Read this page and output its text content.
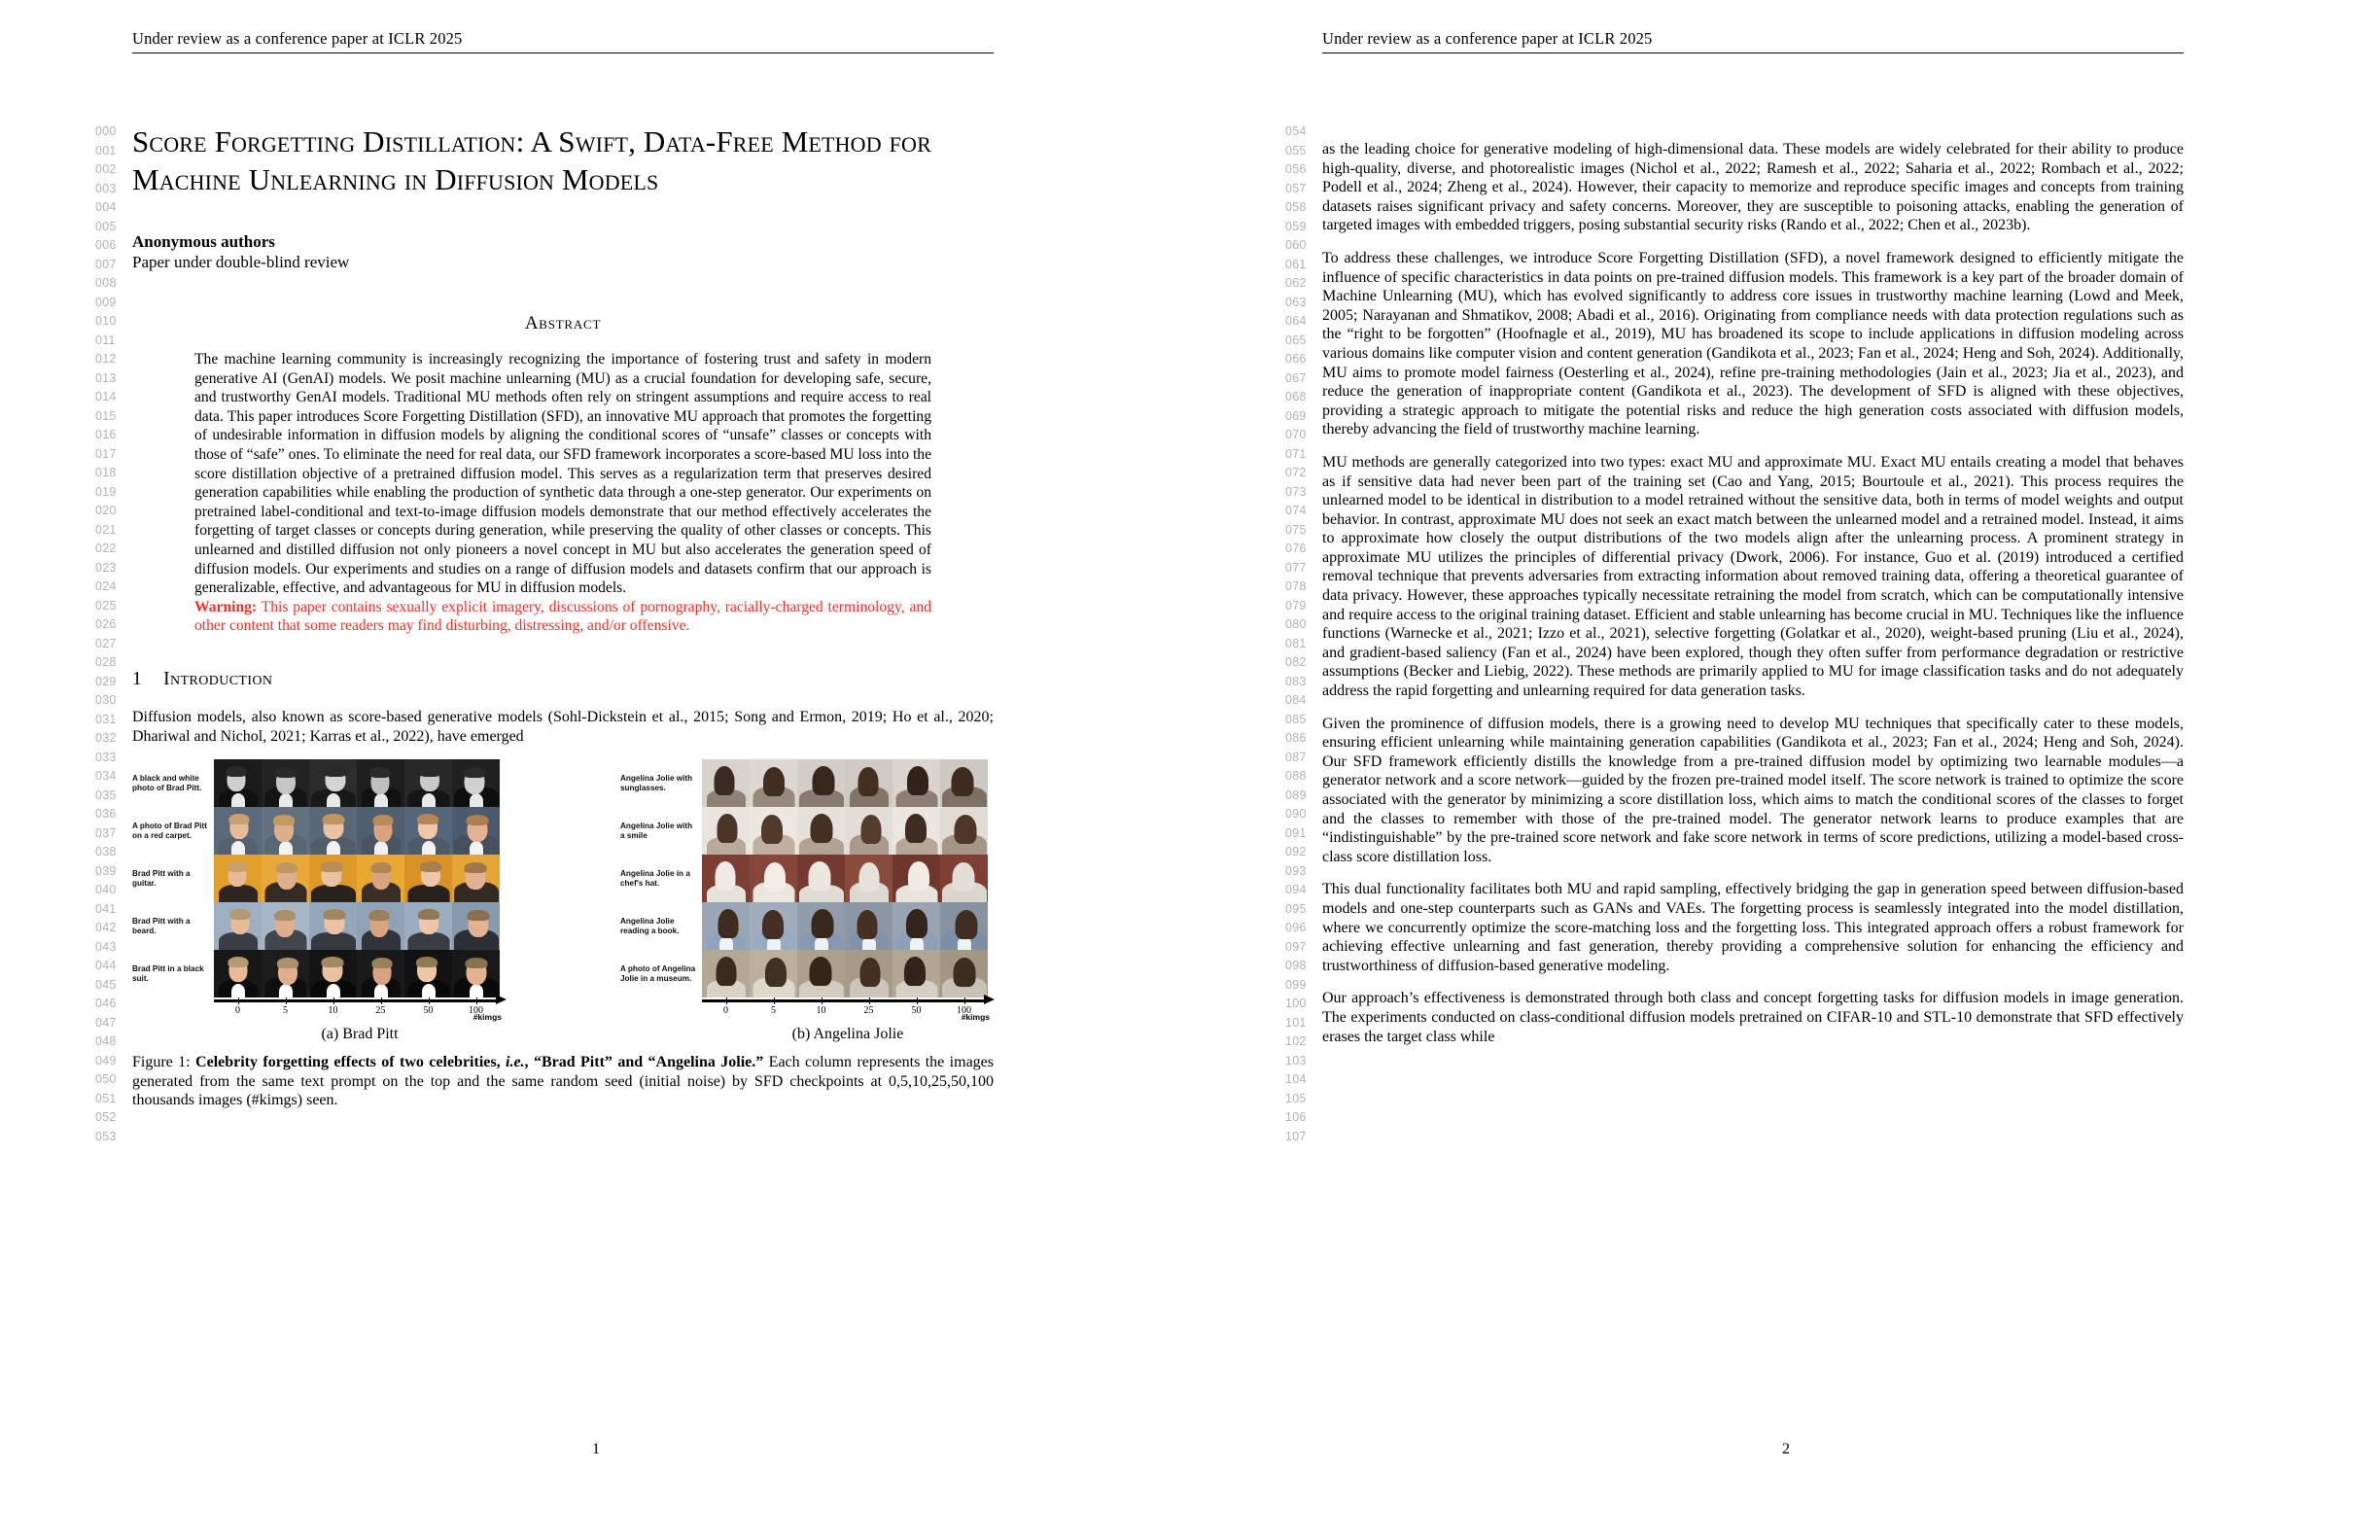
Under review as a conference paper at ICLR 2025
000
001
002
003
004
005
006
007
008
009
010
011
012
013
014
015
016
017
018
019
020
021
022
023
024
025
026
027
028
029
030
031
032
033
034
035
036
037
038
039
040
041
042
043
044
045
046
047
048
049
050
051
052
053
Score Forgetting Distillation: A Swift, Data-Free Method for Machine Unlearning in Diffusion Models
Anonymous authors
Paper under double-blind review
Abstract

The machine learning community is increasingly recognizing the importance of fostering trust and safety in modern generative AI (GenAI) models. We posit machine unlearning (MU) as a crucial foundation for developing safe, secure, and trustworthy GenAI models. Traditional MU methods often rely on stringent assumptions and require access to real data. This paper introduces Score Forgetting Distillation (SFD), an innovative MU approach that promotes the forgetting of undesirable information in diffusion models by aligning the conditional scores of “unsafe” classes or concepts with those of “safe” ones. To eliminate the need for real data, our SFD framework incorporates a score-based MU loss into the score distillation objective of a pretrained diffusion model. This serves as a regularization term that preserves desired generation capabilities while enabling the production of synthetic data through a one-step generator. Our experiments on pretrained label-conditional and text-to-image diffusion models demonstrate that our method effectively accelerates the forgetting of target classes or concepts during generation, while preserving the quality of other classes or concepts. This unlearned and distilled diffusion not only pioneers a novel concept in MU but also accelerates the generation speed of diffusion models. Our experiments and studies on a range of diffusion models and datasets confirm that our approach is generalizable, effective, and advantageous for MU in diffusion models.

Warning: This paper contains sexually explicit imagery, discussions of pornography, racially-charged terminology, and other content that some readers may find disturbing, distressing, and/or offensive.

1 Introduction
Diffusion models, also known as score-based generative models (Sohl-Dickstein et al., 2015; Song and Ermon, 2019; Ho et al., 2020; Dhariwal and Nichol, 2021; Karras et al., 2022), have emerged
A black and white photo of Brad Pitt.
A photo of Brad Pitt on a red carpet.
Brad Pitt with a guitar.
Brad Pitt with a beard.
Brad Pitt in a black suit.
0	5	10	25	50	100
#kimgs
(a) Brad Pitt
Angelina Jolie with sunglasses.
Angelina Jolie with a smile
Angelina Jolie in a chef's hat.
Angelina Jolie reading a book.
A photo of Angelina Jolie in a museum.
0	5	10	25	50	100
#kimgs
(b) Angelina Jolie
Figure 1: Celebrity forgetting effects of two celebrities, i.e., “Brad Pitt” and “Angelina Jolie.” Each column represents the images generated from the same text prompt on the top and the same random seed (initial noise) by SFD checkpoints at 0,5,10,25,50,100 thousands images (#kimgs) seen.
1
Under review as a conference paper at ICLR 2025
054
055
056
057
058
059
060
061
062
063
064
065
066
067
068
069
070
071
072
073
074
075
076
077
078
079
080
081
082
083
084
085
086
087
088
089
090
091
092
093
094
095
096
097
098
099
100
101
102
103
104
105
106
107
as the leading choice for generative modeling of high-dimensional data. These models are widely celebrated for their ability to produce high-quality, diverse, and photorealistic images (Nichol et al., 2022; Ramesh et al., 2022; Saharia et al., 2022; Rombach et al., 2022; Podell et al., 2024; Zheng et al., 2024). However, their capacity to memorize and reproduce specific images and concepts from training datasets raises significant privacy and safety concerns. Moreover, they are susceptible to poisoning attacks, enabling the generation of targeted images with embedded triggers, posing substantial security risks (Rando et al., 2022; Chen et al., 2023b).
To address these challenges, we introduce Score Forgetting Distillation (SFD), a novel framework designed to efficiently mitigate the influence of specific characteristics in data points on pre-trained diffusion models. This framework is a key part of the broader domain of Machine Unlearning (MU), which has evolved significantly to address core issues in trustworthy machine learning (Lowd and Meek, 2005; Narayanan and Shmatikov, 2008; Abadi et al., 2016). Originating from compliance needs with data protection regulations such as the “right to be forgotten” (Hoofnagle et al., 2019), MU has broadened its scope to include applications in diffusion modeling across various domains like computer vision and content generation (Gandikota et al., 2023; Fan et al., 2024; Heng and Soh, 2024). Additionally, MU aims to promote model fairness (Oesterling et al., 2024), refine pre-training methodologies (Jain et al., 2023; Jia et al., 2023), and reduce the generation of inappropriate content (Gandikota et al., 2023). The development of SFD is aligned with these objectives, providing a strategic approach to mitigate the potential risks and reduce the high generation costs associated with diffusion models, thereby advancing the field of trustworthy machine learning.
MU methods are generally categorized into two types: exact MU and approximate MU. Exact MU entails creating a model that behaves as if sensitive data had never been part of the training set (Cao and Yang, 2015; Bourtoule et al., 2021). This process requires the unlearned model to be identical in distribution to a model retrained without the sensitive data, both in terms of model weights and output behavior. In contrast, approximate MU does not seek an exact match between the unlearned model and a retrained model. Instead, it aims to approximate how closely the output distributions of the two models align after the unlearning process. A prominent strategy in approximate MU utilizes the principles of differential privacy (Dwork, 2006). For instance, Guo et al. (2019) introduced a certified removal technique that prevents adversaries from extracting information about removed training data, offering a theoretical guarantee of data privacy. However, these approaches typically necessitate retraining the model from scratch, which can be computationally intensive and require access to the original training dataset. Efficient and stable unlearning has become crucial in MU. Techniques like the influence functions (Warnecke et al., 2021; Izzo et al., 2021), selective forgetting (Golatkar et al., 2020), weight-based pruning (Liu et al., 2024), and gradient-based saliency (Fan et al., 2024) have been explored, though they often suffer from performance degradation or restrictive assumptions (Becker and Liebig, 2022). These methods are primarily applied to MU for image classification tasks and do not adequately address the rapid forgetting and unlearning required for data generation tasks.
Given the prominence of diffusion models, there is a growing need to develop MU techniques that specifically cater to these models, ensuring efficient unlearning while maintaining generation capabilities (Gandikota et al., 2023; Fan et al., 2024; Heng and Soh, 2024). Our SFD framework efficiently distills the knowledge from a pre-trained diffusion model by optimizing two learnable modules—a generator network and a score network—guided by the frozen pre-trained model itself. The score network is trained to optimize the score associated with the generator by minimizing a score distillation loss, which aims to match the conditional scores of the classes to forget and the classes to remember with those of the pre-trained model. The generator network learns to produce examples that are “indistinguishable” by the pre-trained score network and fake score network in terms of score predictions, utilizing a model-based cross-class score distillation loss.
This dual functionality facilitates both MU and rapid sampling, effectively bridging the gap in generation speed between diffusion-based models and one-step counterparts such as GANs and VAEs. The forgetting process is seamlessly integrated into the model distillation, where we concurrently optimize the score-matching loss and the forgetting loss. This integrated approach offers a robust framework for achieving effective unlearning and fast generation, thereby providing a comprehensive solution for enhancing the efficiency and trustworthiness of diffusion-based generative modeling.
Our approach’s effectiveness is demonstrated through both class and concept forgetting tasks for diffusion models in image generation. The experiments conducted on class-conditional diffusion models pretrained on CIFAR-10 and STL-10 demonstrate that SFD effectively erases the target class while
2
